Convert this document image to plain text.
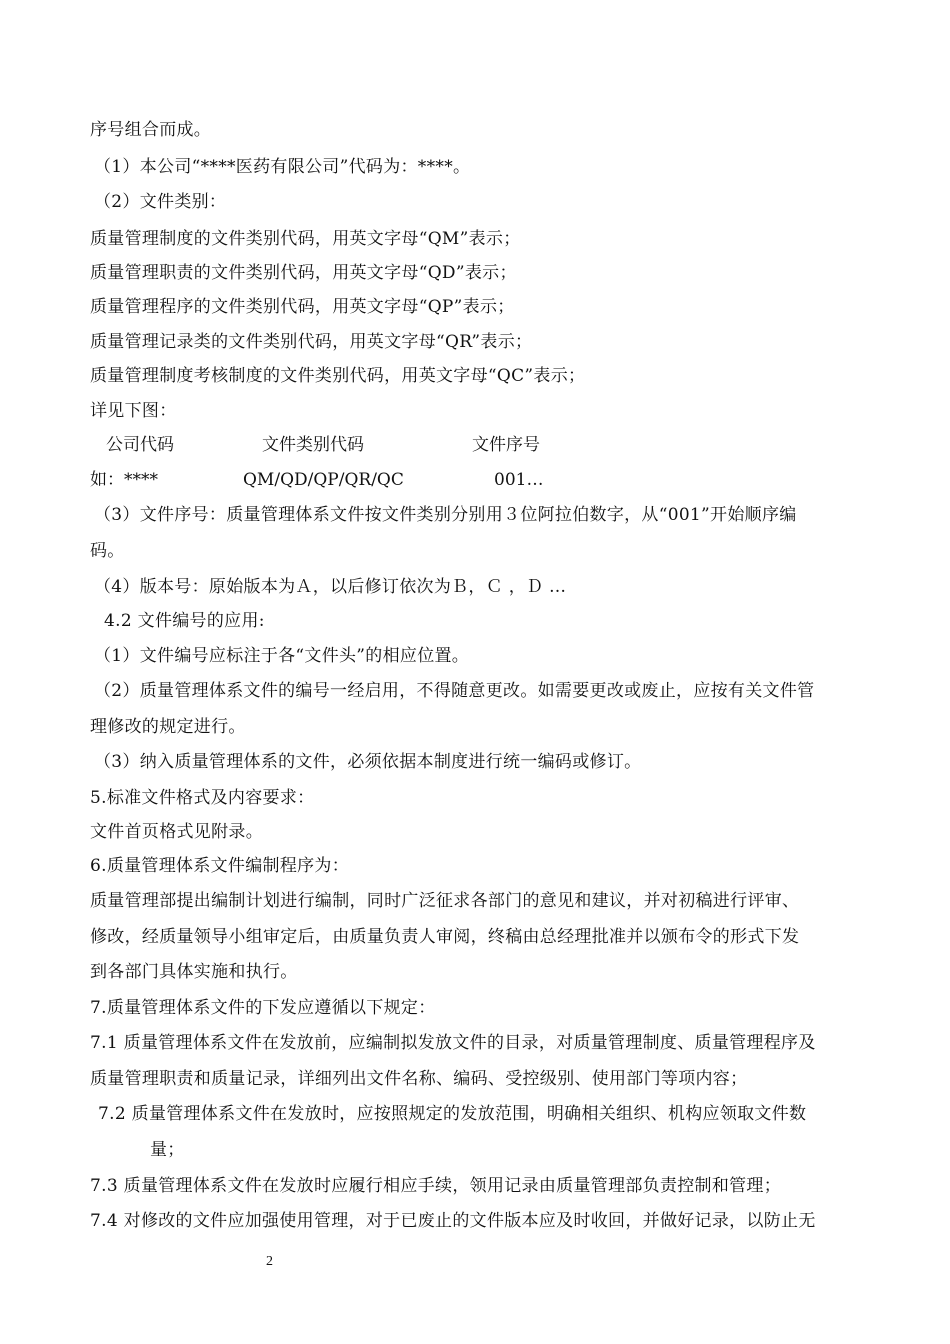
序号组合而成。
（1）本公司“****医药有限公司”代码为：****。
（2）文件类别：
质量管理制度的文件类别代码，用英文字母“QM”表示；
质量管理职责的文件类别代码，用英文字母“QD”表示；
质量管理程序的文件类别代码，用英文字母“QP”表示；
质量管理记录类的文件类别代码，用英文字母“QR”表示；
质量管理制度考核制度的文件类别代码，用英文字母“QC”表示；
详见下图：
公司代码	文件类别代码	文件序号
如：****	QM/QD/QP/QR/QC	001…
（3）文件序号：质量管理体系文件按文件类别分别用３位阿拉伯数字，从“001”开始顺序编
码。
（4）版本号：原始版本为Ａ，以后修订依次为Ｂ，Ｃ ，Ｄ …
4.2 文件编号的应用:
（1）文件编号应标注于各“文件头”的相应位置。
（2）质量管理体系文件的编号一经启用，不得随意更改。如需要更改或废止，应按有关文件管
理修改的规定进行。
（3）纳入质量管理体系的文件，必须依据本制度进行统一编码或修订。
5.标准文件格式及内容要求：
文件首页格式见附录。
6.质量管理体系文件编制程序为：
质量管理部提出编制计划进行编制，同时广泛征求各部门的意见和建议，并对初稿进行评审、
修改，经质量领导小组审定后，由质量负责人审阅，终稿由总经理批准并以颁布令的形式下发
到各部门具体实施和执行。
7.质量管理体系文件的下发应遵循以下规定：
7.1 质量管理体系文件在发放前，应编制拟发放文件的目录，对质量管理制度、质量管理程序及
质量管理职责和质量记录，详细列出文件名称、编码、受控级别、使用部门等项内容；
7.2 质量管理体系文件在发放时，应按照规定的发放范围，明确相关组织、机构应领取文件数
量；
7.3 质量管理体系文件在发放时应履行相应手续，领用记录由质量管理部负责控制和管理；
7.4 对修改的文件应加强使用管理，对于已废止的文件版本应及时收回，并做好记录，以防止无
2
